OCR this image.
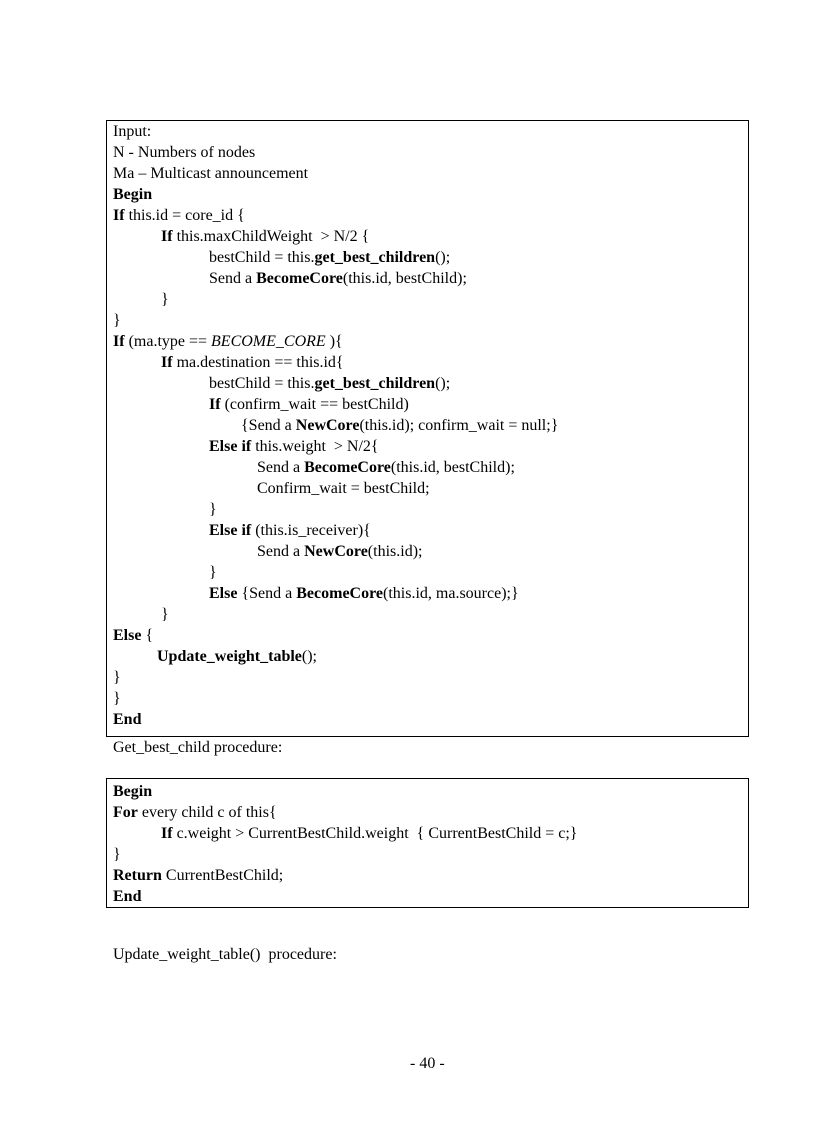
Input:
N - Numbers of nodes
Ma – Multicast announcement
Begin
If this.id = core_id {
If this.maxChildWeight  > N/2 {
bestChild = this.get_best_children();
Send a BecomeCore(this.id, bestChild);
}
}
If (ma.type == BECOME_CORE ){
If ma.destination == this.id{
bestChild = this.get_best_children();
If (confirm_wait == bestChild)
{Send a NewCore(this.id); confirm_wait = null;}
Else if this.weight  > N/2{
Send a BecomeCore(this.id, bestChild);
Confirm_wait = bestChild;
}
Else if (this.is_receiver){
Send a NewCore(this.id);
}
Else {Send a BecomeCore(this.id, ma.source);}
}
Else {
Update_weight_table();
}
}
End
Get_best_child procedure:
Begin
For every child c of this{
If c.weight > CurrentBestChild.weight  { CurrentBestChild = c;}
}
Return CurrentBestChild;
End
Update_weight_table()  procedure:
- 40 -
